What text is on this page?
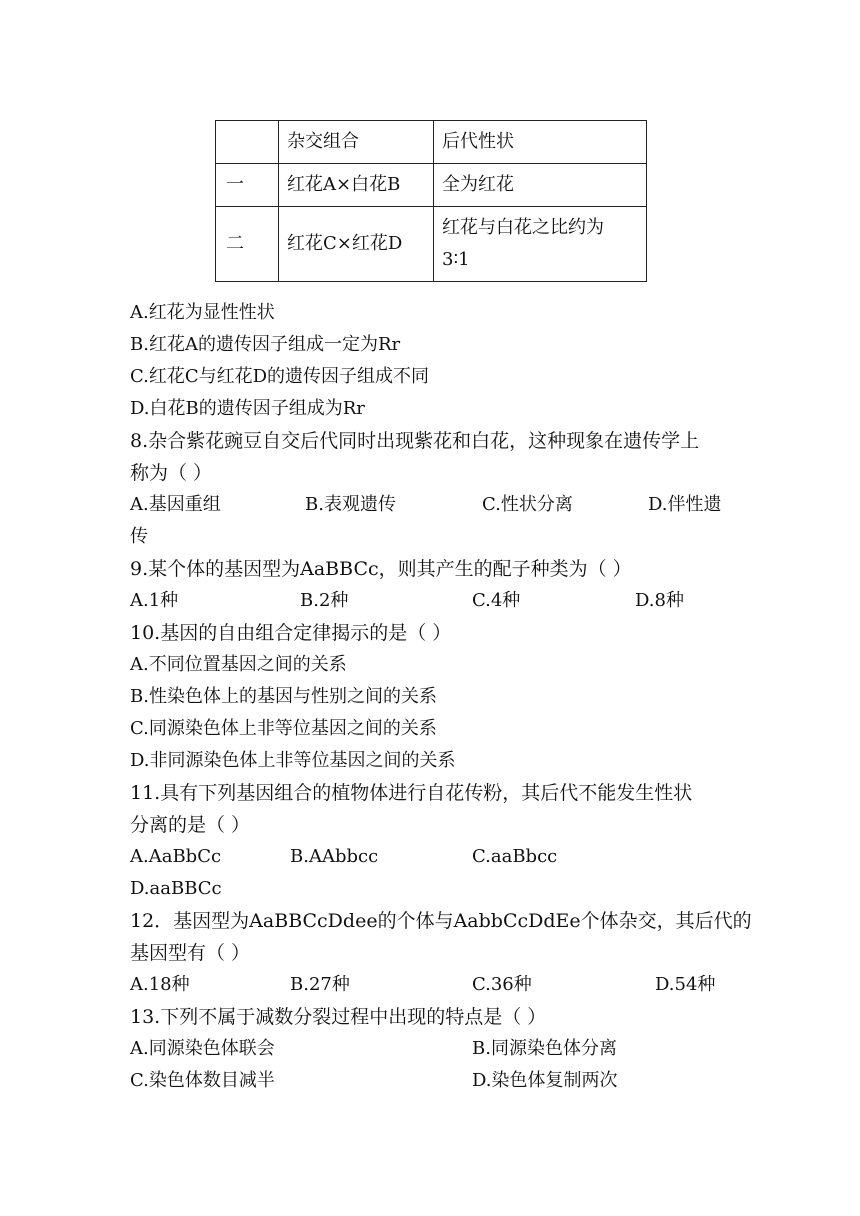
	杂交组合	后代性状
一	红花A×白花B	全为红花
二	红花C×红花D	红花与白花之比约为
3∶1
A.红花为显性性状
B.红花A的遗传因子组成一定为Rr
C.红花C与红花D的遗传因子组成不同
D.白花B的遗传因子组成为Rr
8.杂合紫花豌豆自交后代同时出现紫花和白花，这种现象在遗传学上
称为（ ）
A.基因重组	B.表观遗传	C.性状分离	D.伴性遗
传
9.某个体的基因型为AaBBCc，则其产生的配子种类为（ ）
A.1种	B.2种	C.4种	D.8种
10.基因的自由组合定律揭示的是（ ）
A.不同位置基因之间的关系
B.性染色体上的基因与性别之间的关系
C.同源染色体上非等位基因之间的关系
D.非同源染色体上非等位基因之间的关系
11.具有下列基因组合的植物体进行自花传粉，其后代不能发生性状
分离的是（ ）
A.AaBbCc	B.AAbbcc	C.aaBbcc
D.aaBBCc
12．基因型为AaBBCcDdee的个体与AabbCcDdEe个体杂交，其后代的
基因型有（ ）
A.18种	B.27种	C.36种	D.54种
13.下列不属于减数分裂过程中出现的特点是（ ）
A.同源染色体联会	B.同源染色体分离
C.染色体数目减半	D.染色体复制两次
